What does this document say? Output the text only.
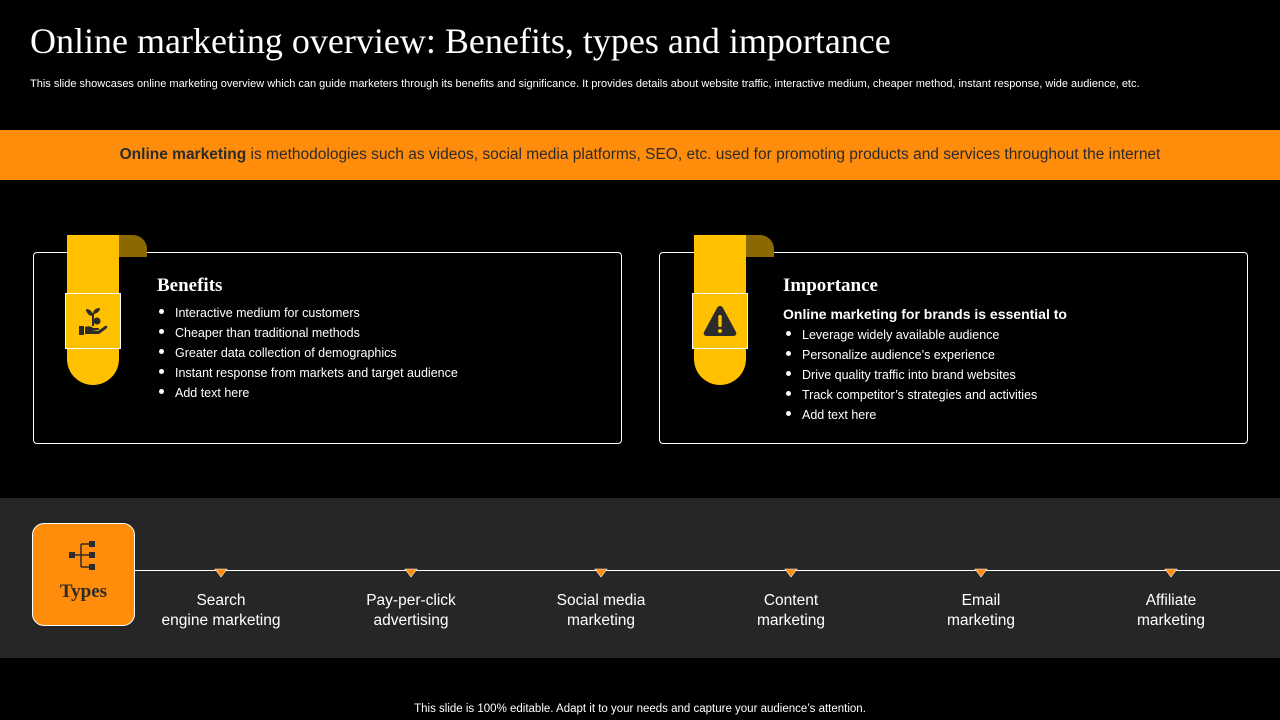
Online marketing overview: Benefits, types and importance
This slide showcases online marketing overview which can guide marketers through its benefits and significance. It provides details about website traffic, interactive medium, cheaper method, instant response, wide audience, etc.
Online marketing is methodologies such as videos, social media platforms, SEO, etc. used for promoting products and services throughout the internet
Benefits
Interactive medium for customers
Cheaper than traditional methods
Greater data collection of demographics
Instant response from markets and target audience
Add text here
Importance
Online marketing for brands is essential to
Leverage widely available audience
Personalize audience’s experience
Drive quality traffic into brand websites
Track competitor’s strategies and activities
Add text here
Types	Search
engine marketing
Pay-per-click
advertising
Social media
marketing
Content
marketing
Email
marketing
Affiliate
marketing
This slide is 100% editable. Adapt it to your needs and capture your audience’s attention.
